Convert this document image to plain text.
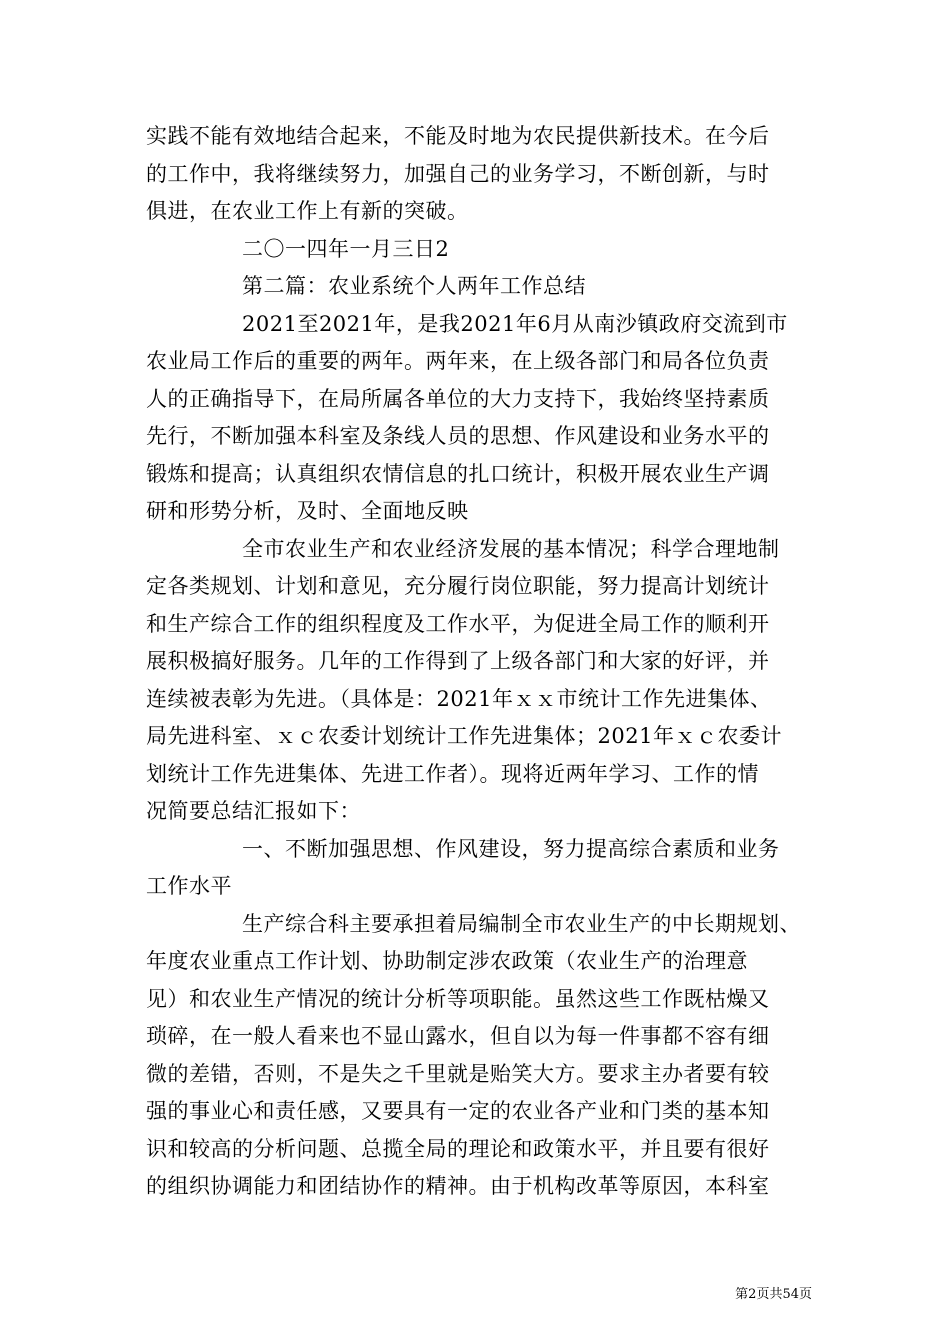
实践不能有效地结合起来，不能及时地为农民提供新技术。在今后
的工作中，我将继续努力，加强自己的业务学习，不断创新，与时
俱进，在农业工作上有新的突破。
二〇一四年一月三日2
第二篇：农业系统个人两年工作总结
2021至2021年，是我2021年6月从南沙镇政府交流到市
农业局工作后的重要的两年。两年来，在上级各部门和局各位负责
人的正确指导下，在局所属各单位的大力支持下，我始终坚持素质
先行，不断加强本科室及条线人员的思想、作风建设和业务水平的
锻炼和提高；认真组织农情信息的扎口统计，积极开展农业生产调
研和形势分析，及时、全面地反映
全市农业生产和农业经济发展的基本情况；科学合理地制
定各类规划、计划和意见，充分履行岗位职能，努力提高计划统计
和生产综合工作的组织程度及工作水平，为促进全局工作的顺利开
展积极搞好服务。几年的工作得到了上级各部门和大家的好评，并
连续被表彰为先进。（具体是：2021年ｘｘ市统计工作先进集体、
局先进科室、ｘｃ农委计划统计工作先进集体；2021年ｘｃ农委计
划统计工作先进集体、先进工作者）。现将近两年学习、工作的情
况简要总结汇报如下：
一、不断加强思想、作风建设，努力提高综合素质和业务
工作水平
生产综合科主要承担着局编制全市农业生产的中长期规划、
年度农业重点工作计划、协助制定涉农政策（农业生产的治理意
见）和农业生产情况的统计分析等项职能。虽然这些工作既枯燥又
琐碎，在一般人看来也不显山露水，但自以为每一件事都不容有细
微的差错，否则，不是失之千里就是贻笑大方。要求主办者要有较
强的事业心和责任感，又要具有一定的农业各产业和门类的基本知
识和较高的分析问题、总揽全局的理论和政策水平，并且要有很好
的组织协调能力和团结协作的精神。由于机构改革等原因，本科室
第2页共54页
